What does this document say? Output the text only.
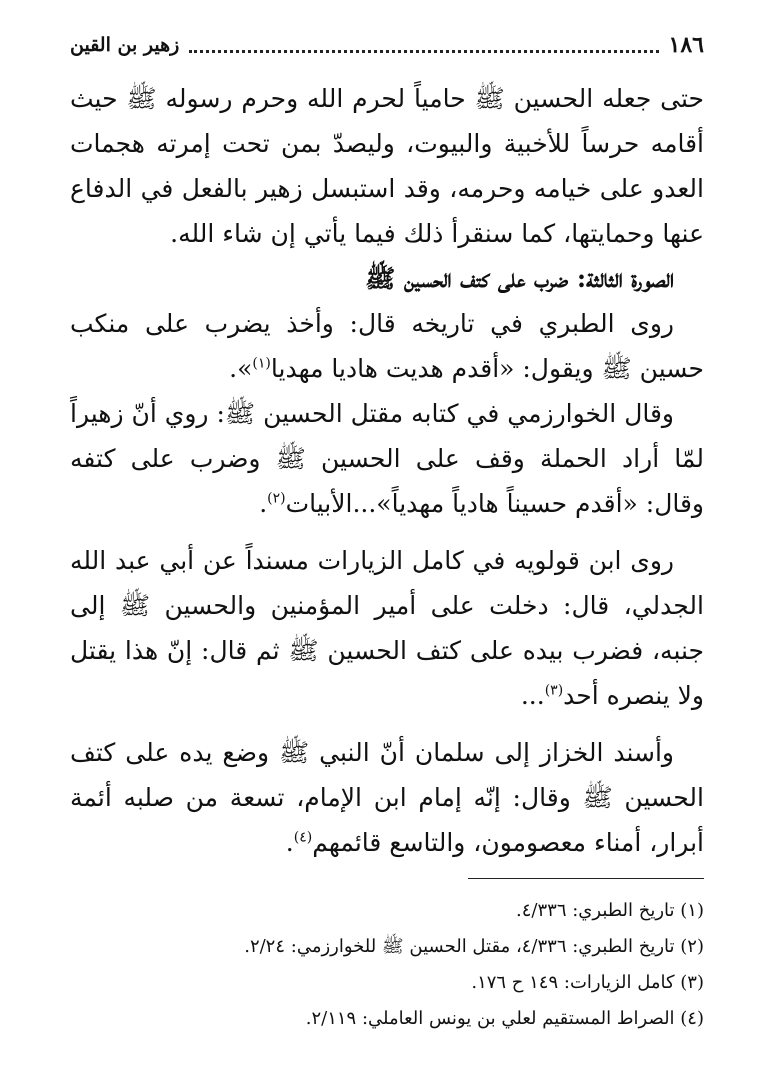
١٨٦
زهير بن القين

حتى جعله الحسين ﷺ حامياً لحرم الله وحرم رسوله ﷺ حيث أقامه حرساً للأخبية والبيوت، وليصدّ بمن تحت إمرته هجمات العدو على خيامه وحرمه، وقد استبسل زهير بالفعل في الدفاع عنها وحمايتها، كما سنقرأ ذلك فيما يأتي إن شاء الله.

الصورة الثالثة: ضرب على كتف الحسين ﷺ

روى الطبري في تاريخه قال: وأخذ يضرب على منكب حسين ﷺ ويقول: «أقدم هديت هاديا مهديا$^{(١)}$».

وقال الخوارزمي في كتابه مقتل الحسين ﷺ: روي أنّ زهيراً لمّا أراد الحملة وقف على الحسين ﷺ وضرب على كتفه وقال: «أقدم حسيناً هادياً مهدياً»...الأبيات$^{(٢)}$.

روى ابن قولويه في كامل الزيارات مسنداً عن أبي عبد الله الجدلي، قال: دخلت على أمير المؤمنين والحسين ﷺ إلى جنبه، فضرب بيده على كتف الحسين ﷺ ثم قال: إنّ هذا يقتل ولا ينصره أحد$^{(٣)}$...

وأسند الخزاز إلى سلمان أنّ النبي ﷺ وضع يده على كتف الحسين ﷺ وقال: إنّه إمام ابن الإمام، تسعة من صلبه أئمة أبرار، أمناء معصومون، والتاسع قائمهم$^{(٤)}$.

(١) تاريخ الطبري: ٤/٣٣٦.
(٢) تاريخ الطبري: ٤/٣٣٦، مقتل الحسين ﷺ للخوارزمي: ٢/٢٤.
(٣) كامل الزيارات: ١٤٩ ح ١٧٦.
(٤) الصراط المستقيم لعلي بن يونس العاملي: ٢/١١٩.
